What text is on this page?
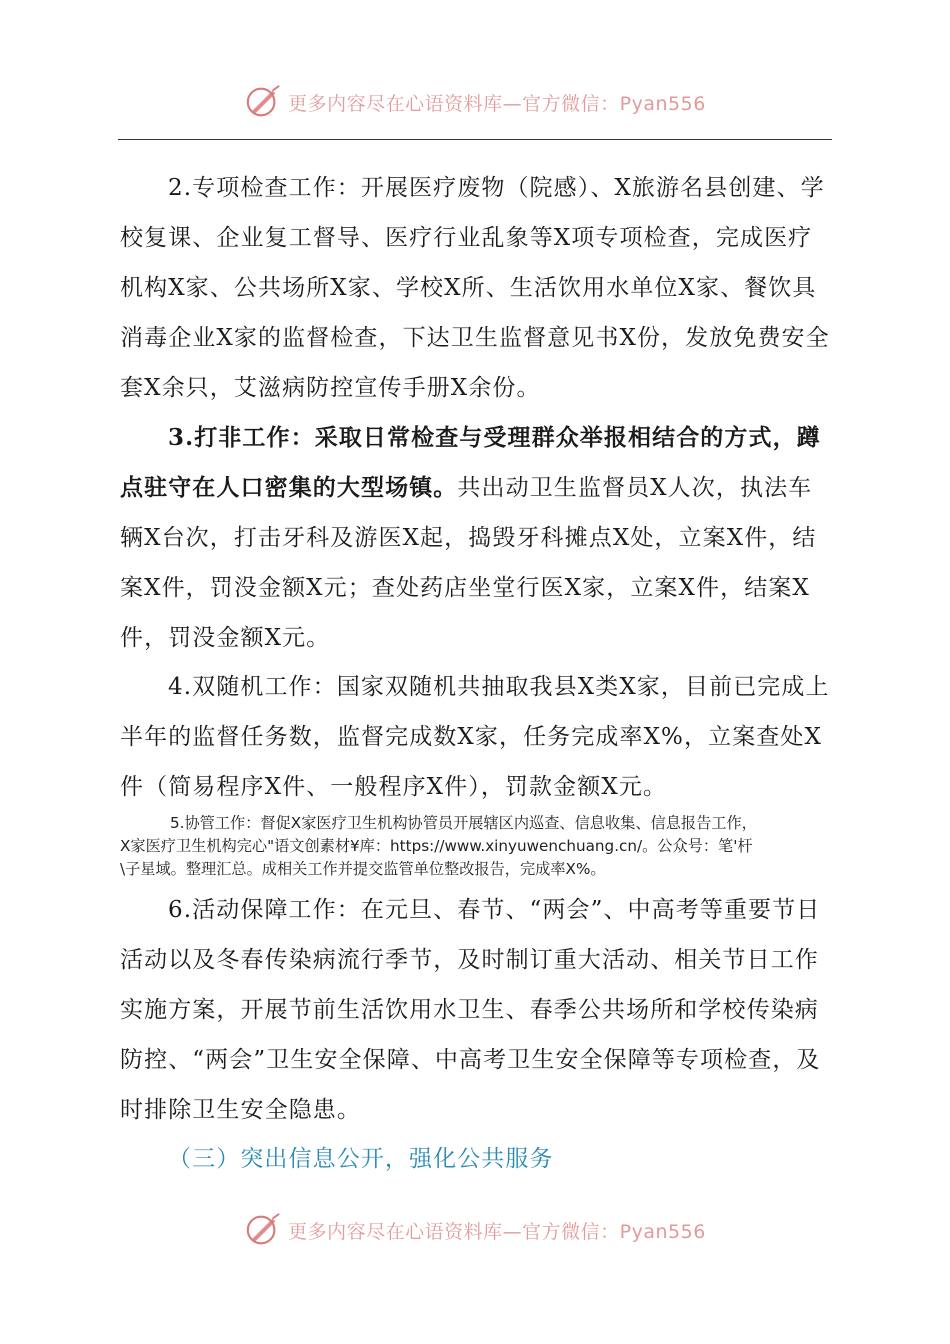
更多内容尽在心语资料库—官方微信：Pyan556

2.专项检查工作：开展医疗废物（院感）、X旅游名县创建、学校复课、企业复工督导、医疗行业乱象等X项专项检查，完成医疗机构X家、公共场所X家、学校X所、生活饮用水单位X家、餐饮具消毒企业X家的监督检查，下达卫生监督意见书X份，发放免费安全套X余只，艾滋病防控宣传手册X余份。

3.打非工作：采取日常检查与受理群众举报相结合的方式，蹲点驻守在人口密集的大型场镇。共出动卫生监督员X人次，执法车辆X台次，打击牙科及游医X起，捣毁牙科摊点X处，立案X件，结案X件，罚没金额X元；查处药店坐堂行医X家，立案X件，结案X件，罚没金额X元。

4.双随机工作：国家双随机共抽取我县X类X家，目前已完成上半年的监督任务数，监督完成数X家，任务完成率X%，立案查处X件（简易程序X件、一般程序X件），罚款金额X元。

5.协管工作：督促X家医疗卫生机构协管员开展辖区内巡查、信息收集、信息报告工作，

X家医疗卫生机构完心"语文创素材¥库：https://www.xinyuwenchuang.cn/。公众号：笔'杆

\子星域。整理汇总。成相关工作并提交监管单位整改报告，完成率X%。

6.活动保障工作：在元旦、春节、“两会”、中高考等重要节日活动以及冬春传染病流行季节，及时制订重大活动、相关节日工作实施方案，开展节前生活饮用水卫生、春季公共场所和学校传染病防控、“两会”卫生安全保障、中高考卫生安全保障等专项检查，及时排除卫生安全隐患。

（三）突出信息公开，强化公共服务

更多内容尽在心语资料库—官方微信：Pyan556
